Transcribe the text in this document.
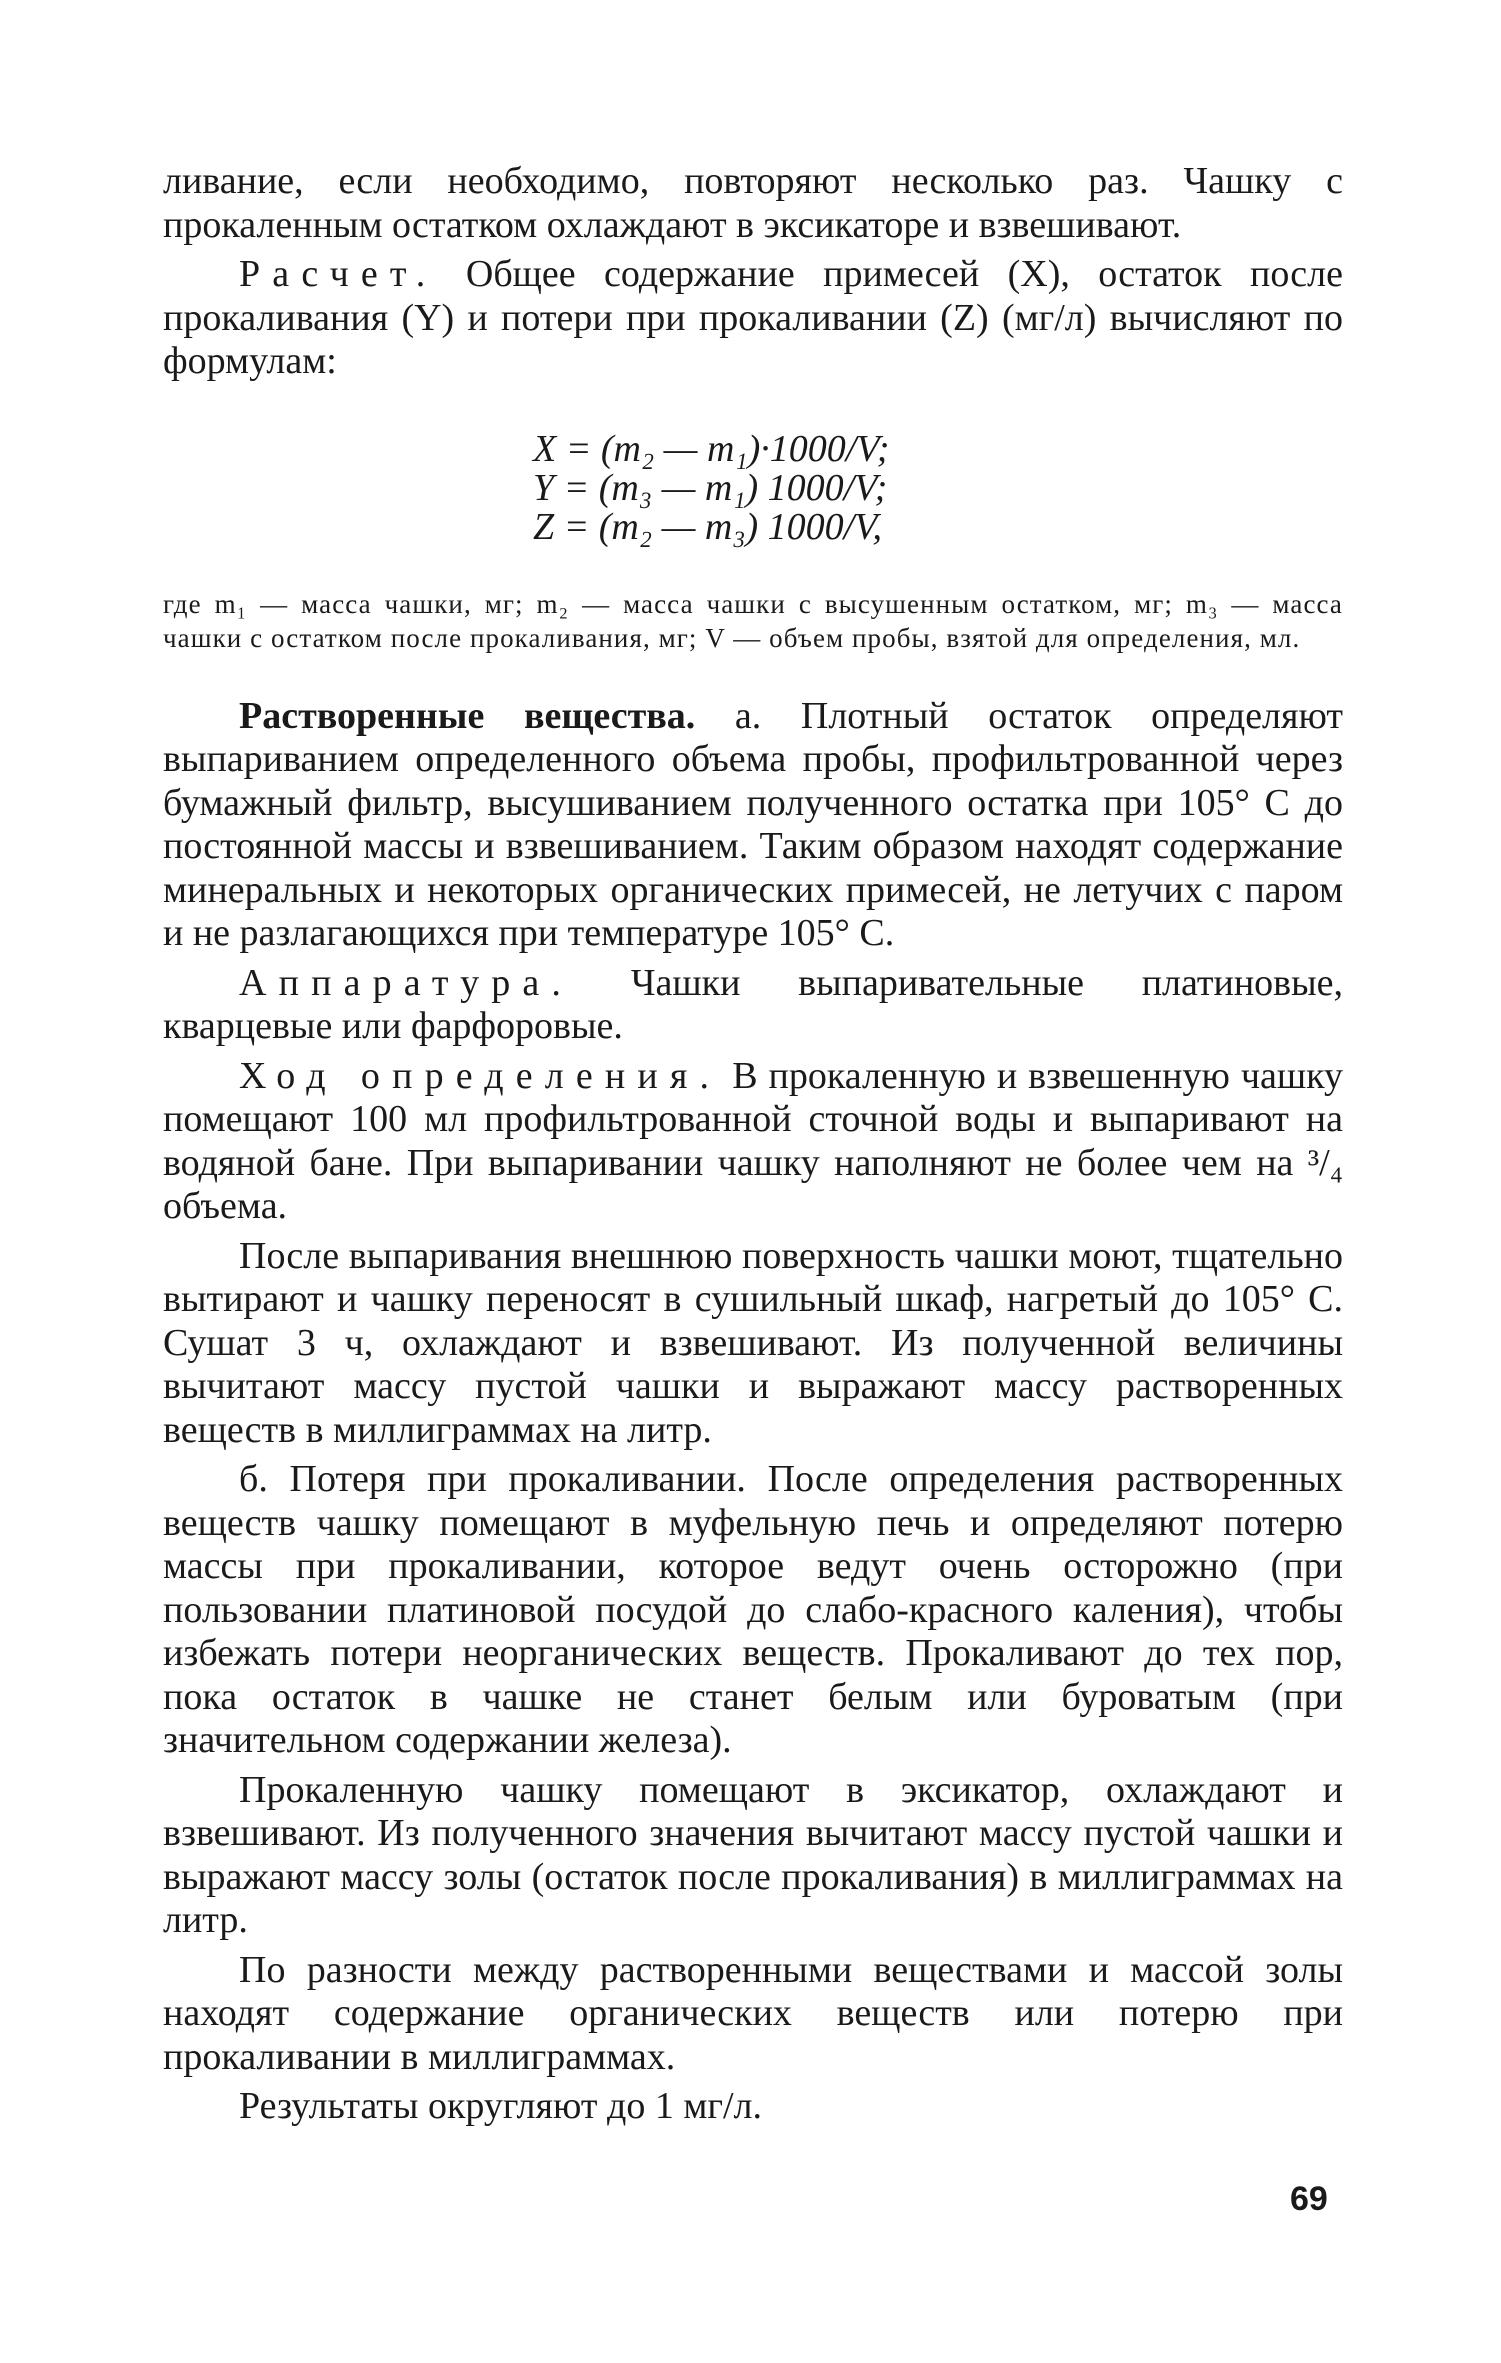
ливание, если необходимо, повторяют несколько раз. Чашку с прокаленным остатком охлаждают в эксикаторе и взвешивают.

Расчет. Общее содержание примесей (X), остаток после прокаливания (Y) и потери при прокаливании (Z) (мг/л) вычисляют по формулам:

X = (m₂ — m₁)·1000/V;
Y = (m₃ — m₁) 1000/V;
Z = (m₂ — m₃) 1000/V,

где m₁ — масса чашки, мг; m₂ — масса чашки с высушенным остатком, мг; m₃ — масса чашки с остатком после прокаливания, мг; V — объем пробы, взятой для определения, мл.

Растворенные вещества. а. Плотный остаток определяют выпариванием определенного объема пробы, профильтрованной через бумажный фильтр, высушиванием полученного остатка при 105° С до постоянной массы и взвешиванием. Таким образом находят содержание минеральных и некоторых органических примесей, не летучих с паром и не разлагающихся при температуре 105° С.

Аппаратура. Чашки выпаривательные платиновые, кварцевые или фарфоровые.

Ход определения. В прокаленную и взвешенную чашку помещают 100 мл профильтрованной сточной воды и выпаривают на водяной бане. При выпаривании чашку наполняют не более чем на ³/₄ объема.

После выпаривания внешнюю поверхность чашки моют, тщательно вытирают и чашку переносят в сушильный шкаф, нагретый до 105° С. Сушат 3 ч, охлаждают и взвешивают. Из полученной величины вычитают массу пустой чашки и выражают массу растворенных веществ в миллиграммах на литр.

б. Потеря при прокаливании. После определения растворенных веществ чашку помещают в муфельную печь и определяют потерю массы при прокаливании, которое ведут очень осторожно (при пользовании платиновой посудой до слабо-красного каления), чтобы избежать потери неорганических веществ. Прокаливают до тех пор, пока остаток в чашке не станет белым или буроватым (при значительном содержании железа).

Прокаленную чашку помещают в эксикатор, охлаждают и взвешивают. Из полученного значения вычитают массу пустой чашки и выражают массу золы (остаток после прокаливания) в миллиграммах на литр.

По разности между растворенными веществами и массой золы находят содержание органических веществ или потерю при прокаливании в миллиграммах.

Результаты округляют до 1 мг/л.

69
